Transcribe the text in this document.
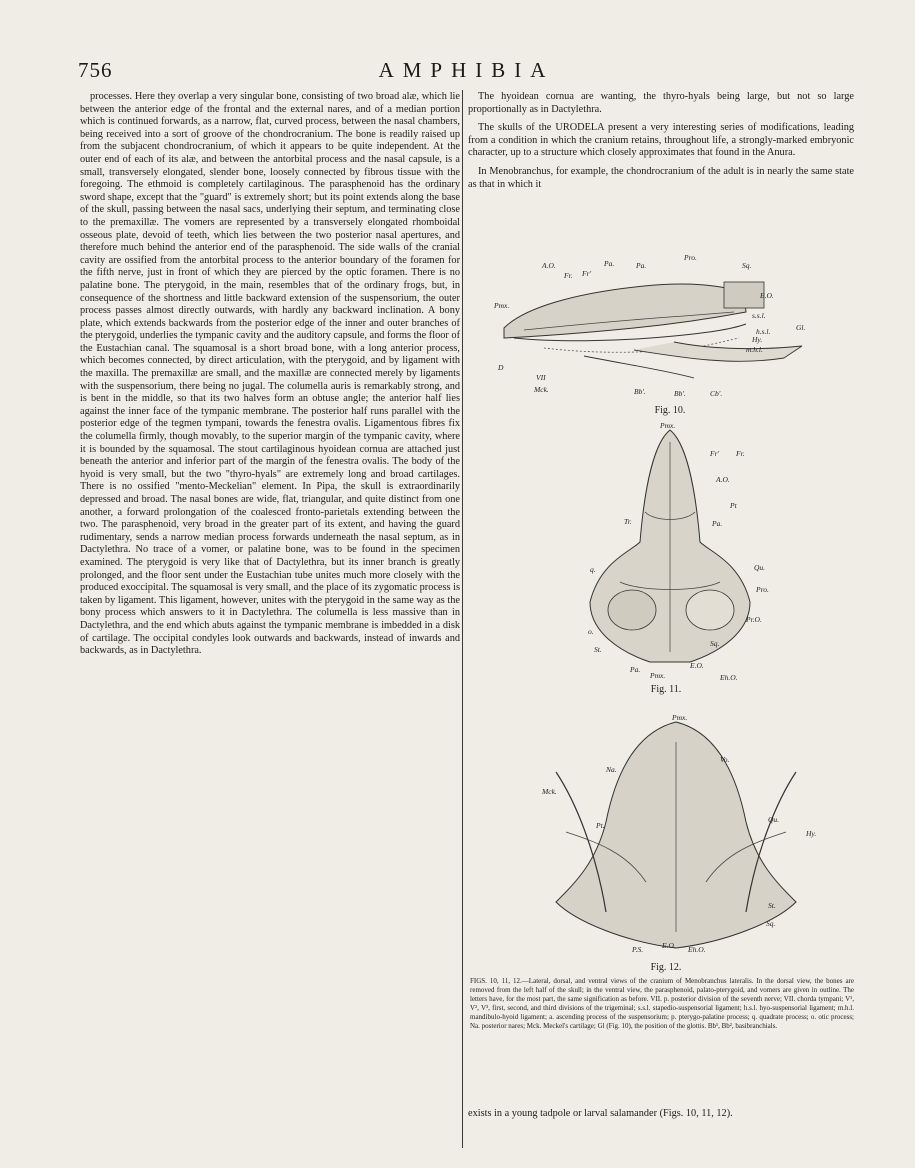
756	AMPHIBIA

processes. Here they overlap a very singular bone, consisting of two broad alæ, which lie between the anterior edge of the frontal and the external nares, and of a median portion which is continued forwards, as a narrow, flat, curved process, between the nasal chambers, being received into a sort of groove of the chondrocranium. The bone is readily raised up from the subjacent chondrocranium, of which it appears to be quite independent. At the outer end of each of its alæ, and between the antorbital process and the nasal capsule, is a small, transversely elongated, slender bone, loosely connected by fibrous tissue with the foregoing. The ethmoid is completely cartilaginous. The parasphenoid has the ordinary sword shape, except that the "guard" is extremely short; but its point extends along the base of the skull, passing between the nasal sacs, underlying their septum, and terminating close to the premaxillæ. The vomers are represented by a transversely elongated rhomboidal osseous plate, devoid of teeth, which lies between the two posterior nasal apertures, and therefore much behind the anterior end of the parasphenoid. The side walls of the cranial cavity are ossified from the antorbital process to the anterior boundary of the foramen for the fifth nerve, just in front of which they are pierced by the optic foramen. There is no palatine bone. The pterygoid, in the main, resembles that of the ordinary frogs, but, in consequence of the shortness and little backward extension of the suspensorium, the outer process passes almost directly outwards, with hardly any backward inclination. A bony plate, which extends backwards from the posterior edge of the inner and outer branches of the pterygoid, underlies the tympanic cavity and the auditory capsule, and forms the floor of the Eustachian canal. The squamosal is a short broad bone, with a long anterior process, which becomes connected, by direct articulation, with the pterygoid, and by ligament with the maxilla. The premaxillæ are small, and the maxillæ are connected merely by ligaments with the suspensorium, there being no jugal. The columella auris is remarkably strong, and is bent in the middle, so that its two halves form an obtuse angle; the anterior half lies against the inner face of the tympanic membrane. The posterior half runs parallel with the posterior edge of the tegmen tympani, towards the fenestra ovalis. Ligamentous fibres fix the columella firmly, though movably, to the superior margin of the tympanic cavity, where it is bounded by the squamosal. The stout cartilaginous hyoidean cornua are attached just beneath the anterior and inferior part of the margin of the fenestra ovalis. The body of the hyoid is very small, but the two "thyro-hyals" are extremely long and broad cartilages. There is no ossified "mento-Meckelian" element. In Pipa, the skull is extraordinarily depressed and broad. The nasal bones are wide, flat, triangular, and quite distinct from one another, a forward prolongation of the coalesced fronto-parietals extending between the two. The parasphenoid, very broad in the greater part of its extent, and having the guard rudimentary, sends a narrow median process forwards underneath the nasal septum, as in Dactylethra. No trace of a vomer, or palatine bone, was to be found in the specimen examined. The pterygoid is very like that of Dactylethra, but its inner branch is greatly prolonged, and the floor sent under the Eustachian tube unites much more closely with the produced exoccipital. The squamosal is very small, and the place of its zygomatic process is taken by ligament. This ligament, however, unites with the pterygoid in the same way as the bony process which answers to it in Dactylethra. The columella is less massive than in Dactylethra, and the end which abuts against the tympanic membrane is imbedded in a disk of cartilage. The occipital condyles look outwards and backwards, instead of inwards and backwards, as in Dactylethra.

The hyoidean cornua are wanting, the thyro-hyals being large, but not so large proportionally as in Dactylethra.

The skulls of the URODELA present a very interesting series of modifications, leading from a condition in which the cranium retains, throughout life, a strongly-marked embryonic character, up to a structure which closely approximates that found in the Anura.

In Menobranchus, for example, the chondrocranium of the adult is in nearly the same state as that in which it

A.O.	Pa.
Fr. Fr'
Pmx.
Sq.
Pro.
Pa.
E.O.
s.s.l.
h.s.l.	Gl.
Hy.
m.h.l.
D
Mck.
VII
Bb'.	Bb'.	Cb'.
Fig. 10.
Pmx.
Fr' Fr.
A.O.
Pt
Pa.
Tr.
Qu.
Pro.
Pr.O.
q.
o.
St.
Sq.
E.O.
Eh.O.
Pa.
Pmx.
Fig. 11.
Pmx.
Mck.
Na.
Vo.
Pt.
Qu.
Hy.
St.
Sq.
P.S.	E.O. Eh.O.
Fig. 12.
FIGS. 10, 11, 12.—Lateral, dorsal, and ventral views of the cranium of Menobranchus lateralis. In the dorsal view, the bones are removed from the left half of the skull; in the ventral view, the parasphenoid, palato-pterygoid, and vomers are given in outline. The letters have, for the most part, the same signification as before. VII. p. posterior division of the seventh nerve; VII. chorda tympani; V¹, V², V³, first, second, and third divisions of the trigeminal; s.s.l. stapedio-suspensorial ligament; h.s.l. hyo-suspensorial ligament; m.h.l. mandibulo-hyoid ligament; a. ascending process of the suspensorium; p. pterygo-palatine process; q. quadrate process; o. otic process; Na. posterior nares; Mck. Meckel's cartilage; Gl (Fig. 10), the position of the glottis. Bb¹, Bb², basibranchials.
exists in a young tadpole or larval salamander (Figs. 10, 11, 12).
